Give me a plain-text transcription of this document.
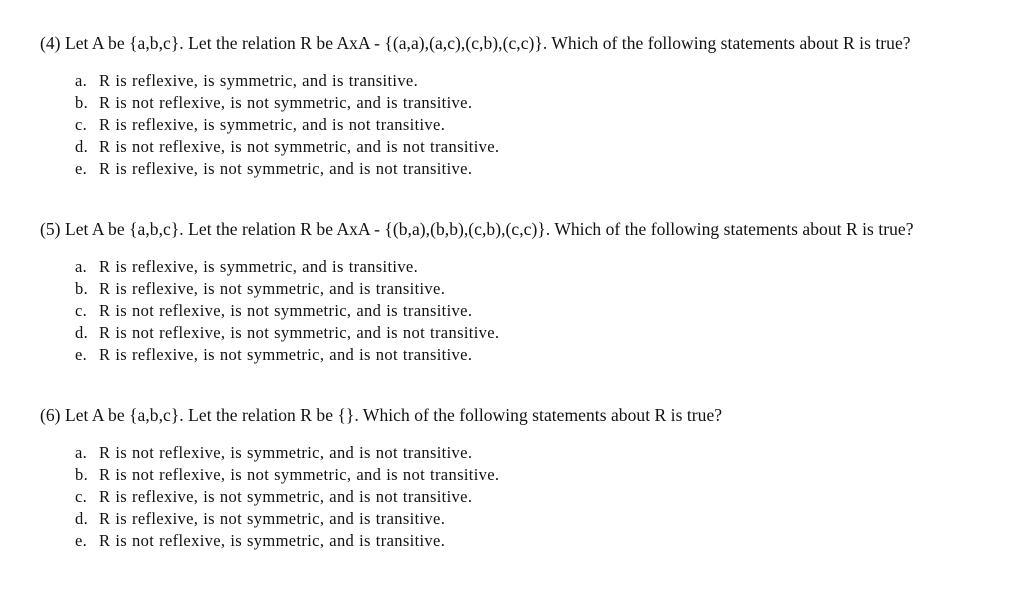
(4) Let A be {a,b,c}. Let the relation R be AxA - {(a,a),(a,c),(c,b),(c,c)}. Which of the following statements about R is true?
a. R is reflexive, is symmetric, and is transitive.
b. R is not reflexive, is not symmetric, and is transitive.
c. R is reflexive, is symmetric, and is not transitive.
d. R is not reflexive, is not symmetric, and is not transitive.
e. R is reflexive, is not symmetric, and is not transitive.
(5) Let A be {a,b,c}. Let the relation R be AxA - {(b,a),(b,b),(c,b),(c,c)}. Which of the following statements about R is true?
a. R is reflexive, is symmetric, and is transitive.
b. R is reflexive, is not symmetric, and is transitive.
c. R is not reflexive, is not symmetric, and is transitive.
d. R is not reflexive, is not symmetric, and is not transitive.
e. R is reflexive, is not symmetric, and is not transitive.
(6) Let A be {a,b,c}. Let the relation R be {}. Which of the following statements about R is true?
a. R is not reflexive, is symmetric, and is not transitive.
b. R is not reflexive, is not symmetric, and is not transitive.
c. R is reflexive, is not symmetric, and is not transitive.
d. R is reflexive, is not symmetric, and is transitive.
e. R is not reflexive, is symmetric, and is transitive.
